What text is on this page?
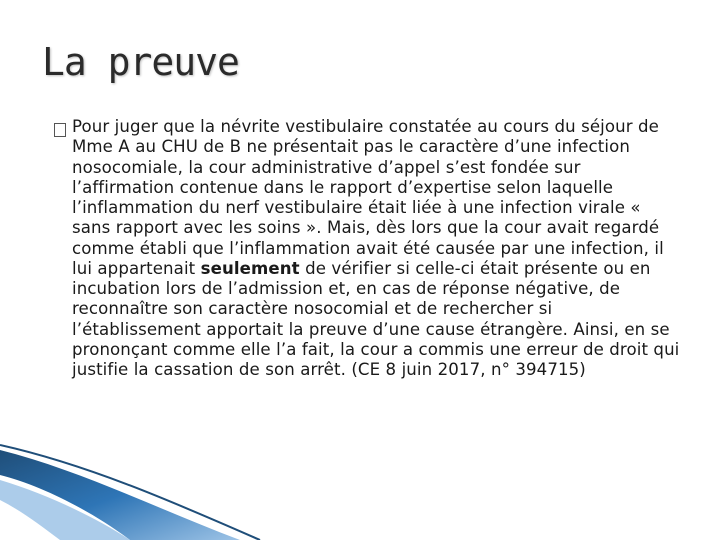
La preuve

Pour juger que la névrite vestibulaire constatée au cours du séjour de Mme A au CHU de B ne présentait pas le caractère d’une infection nosocomiale, la cour administrative d’appel s’est fondée sur l’affirmation contenue dans le rapport d’expertise selon laquelle l’inflammation du nerf vestibulaire était liée à une infection virale « sans rapport avec les soins ». Mais, dès lors que la cour avait regardé comme établi que l’inflammation avait été causée par une infection, il lui appartenait seulement de vérifier si celle-ci était présente ou en incubation lors de l’admission et, en cas de réponse négative, de reconnaître son caractère nosocomial et de rechercher si l’établissement apportait la preuve d’une cause étrangère. Ainsi, en se prononçant comme elle l’a fait, la cour a commis une erreur de droit qui justifie la cassation de son arrêt. (CE 8 juin 2017, n° 394715)
